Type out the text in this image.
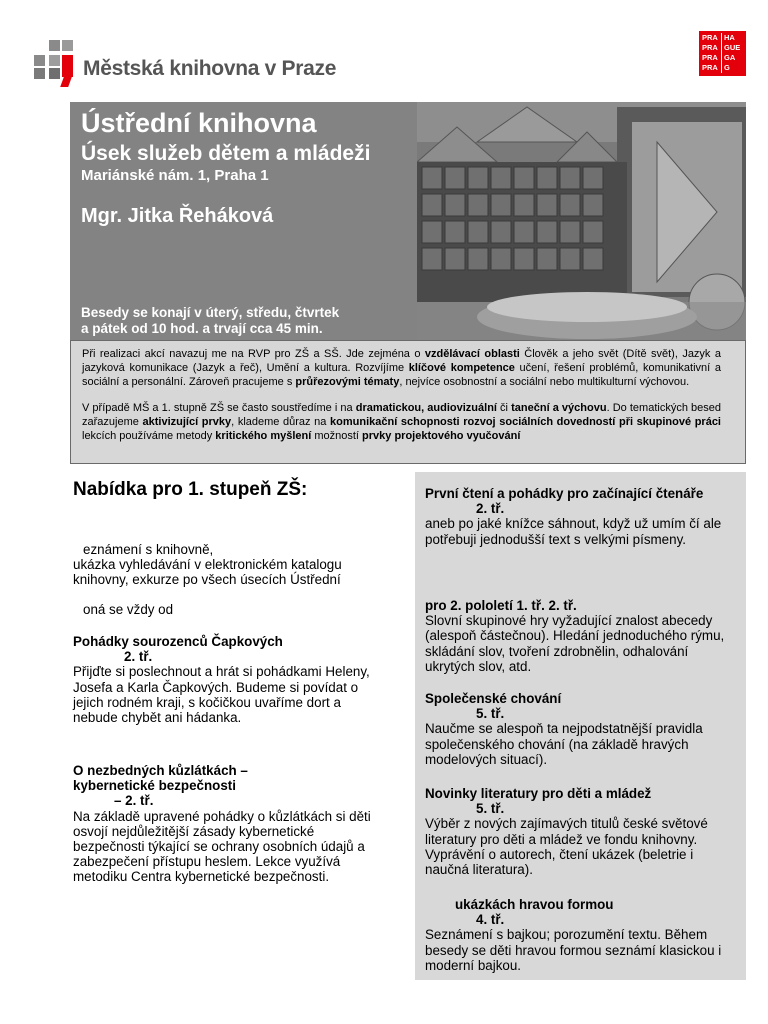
Městská knihovna v Praze
PRA
PRA
PRA
PRA
HA
GUE
GA
G
Ústřední knihovna
Úsek služeb dětem a mládeži
Mariánské nám. 1, Praha 1
Mgr. Jitka Řeháková
Besedy se konají v úterý, středu, čtvrtek
a pátek od 10 hod. a trvají cca 45 min.
Při realizaci akcí navazuj me na RVP pro ZŠ a SŠ. Jde zejména o vzdělávací oblasti Člověk a jeho svět (Dítě svět), Jazyk a jazyková komunikace (Jazyk a řeč), Umění a kultura. Rozvíjíme klíčové kompetence učení, řešení problémů, komunikativní a sociální a personální. Zároveň pracujeme s průřezovými tématy, nejvíce osobnostní a sociální nebo multikulturní výchovou.
V případě MŠ a 1. stupně ZŠ se často soustředíme i na dramatickou, audiovizuální či taneční a výchovu. Do tematických besed zařazujeme aktivizující prvky, klademe důraz na komunikační schopnosti rozvoj sociálních dovedností při skupinové práci lekcích používáme metody kritického myšlení možností prvky projektového vyučování
Nabídka pro 1. stupeň ZŠ:
eznámení s knihovně,
ukázka vyhledávání v elektronickém katalogu
knihovny, exkurze po všech úsecích Ústřední
oná se vždy od
Pohádky sourozenců Čapkových
2. tř.
Přijďte si poslechnout a hrát si pohádkami Heleny, Josefa a Karla Čapkových. Budeme si povídat o jejich rodném kraji, s kočičkou uvaříme dort a nebude chybět ani hádanka.
O nezbedných kůzlátkách –
kybernetické bezpečnosti
– 2. tř.
Na základě upravené pohádky o kůzlátkách si děti osvojí nejdůležitější zásady kybernetické bezpečnosti týkající se ochrany osobních údajů a zabezpečení přístupu heslem. Lekce využívá metodiku Centra kybernetické bezpečnosti.
První čtení a pohádky pro začínající čtenáře
2. tř.
aneb po jaké knížce sáhnout, když už umím čí ale potřebuji jednodušší text s velkými písmeny.
pro 2. pololetí 1. tř. 2. tř.
Slovní skupinové hry vyžadující znalost abecedy (alespoň částečnou). Hledání jednoduchého rýmu, skládání slov, tvoření zdrobnělin, odhalování ukrytých slov, atd.
Společenské chování
5. tř.
Naučme se alespoň ta nejpodstatnější pravidla společenského chování (na základě hravých modelových situací).
Novinky literatury pro děti a mládež
5. tř.
Výběr z nových zajímavých titulů české světové literatury pro děti a mládež ve fondu knihovny. Vyprávění o autorech, čtení ukázek (beletrie i naučná literatura).
ukázkách hravou formou
4. tř.
Seznámení s bajkou; porozumění textu. Během besedy se děti hravou formou seznámí klasickou i moderní bajkou.
